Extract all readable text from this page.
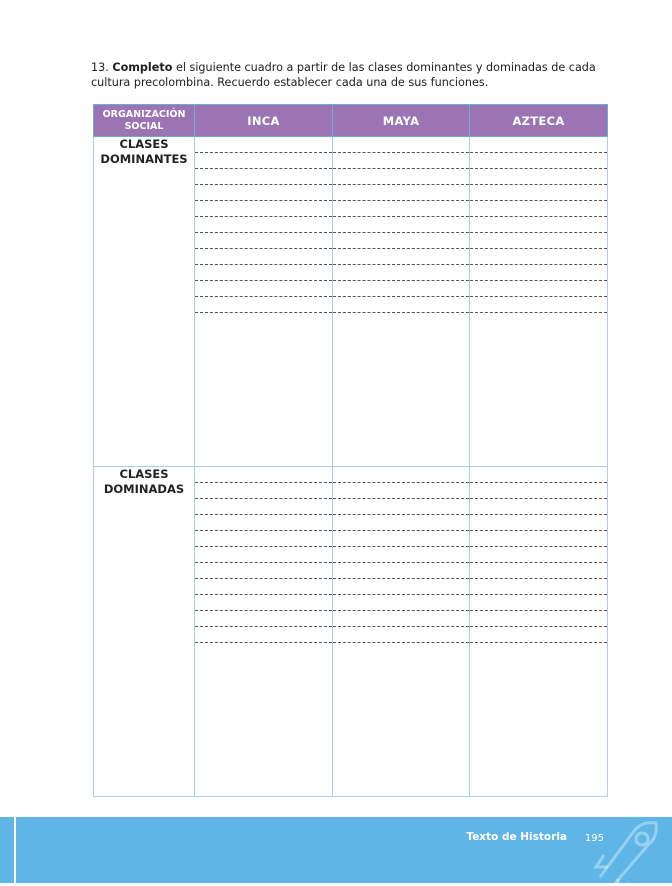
13. Completo el siguiente cuadro a partir de las clases dominantes y dominadas de cada cultura precolombina. Recuerdo establecer cada una de sus funciones.
ORGANIZACIÓN
SOCIAL	INCA	MAYA	AZTECA

CLASES
DOMINANTES			

CLASES
DOMINADAS			

Texto de Historia 195
